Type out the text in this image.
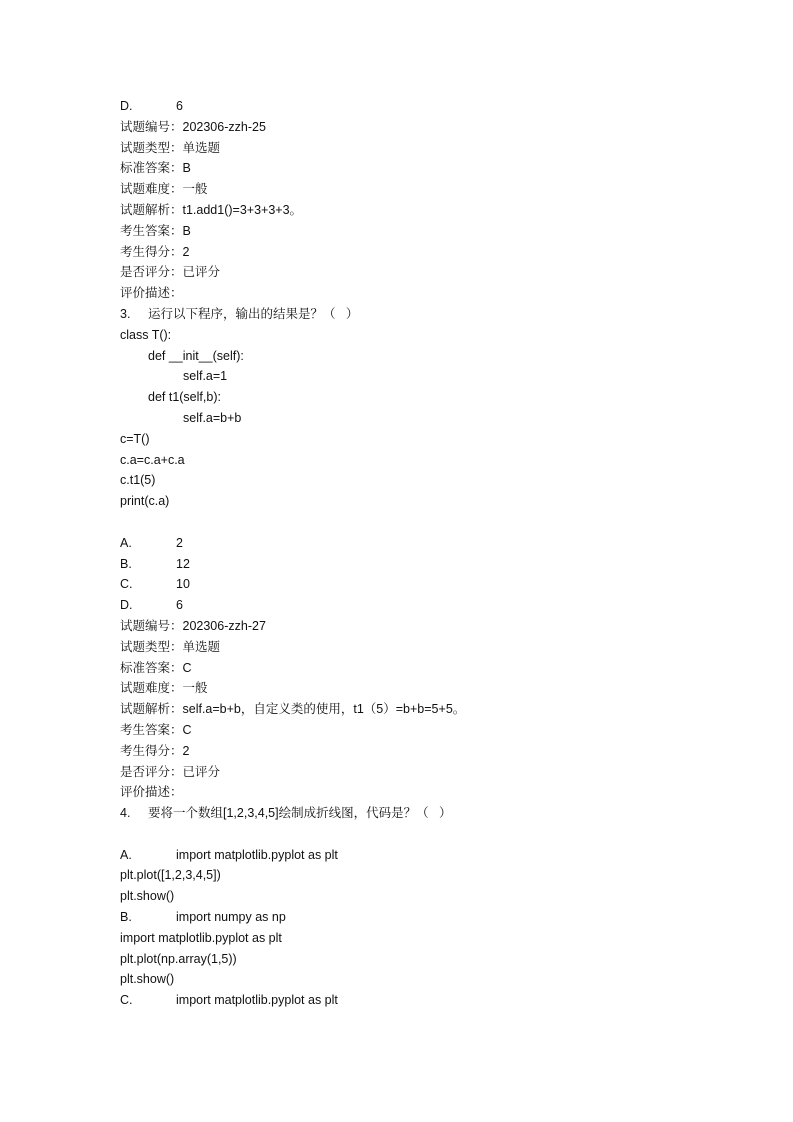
D.	6
试题编号：202306-zzh-25
试题类型：单选题
标准答案：B
试题难度：一般
试题解析：t1.add1()=3+3+3+3。
考生答案：B
考生得分：2
是否评分：已评分
评价描述：
3. 运行以下程序，输出的结果是？（   ）
class T():
def __init__(self):
self.a=1
def t1(self,b):
self.a=b+b
c=T()
c.a=c.a+c.a
c.t1(5)
print(c.a)
A.	2
B.	12
C.	10
D.	6
试题编号：202306-zzh-27
试题类型：单选题
标准答案：C
试题难度：一般
试题解析：self.a=b+b，自定义类的使用，t1（5）=b+b=5+5。
考生答案：C
考生得分：2
是否评分：已评分
评价描述：
4. 要将一个数组[1,2,3,4,5]绘制成折线图，代码是？（   ）
A.	import matplotlib.pyplot as plt
plt.plot([1,2,3,4,5])
plt.show()
B.	import numpy as np
import matplotlib.pyplot as plt
plt.plot(np.array(1,5))
plt.show()
C.	import matplotlib.pyplot as plt
